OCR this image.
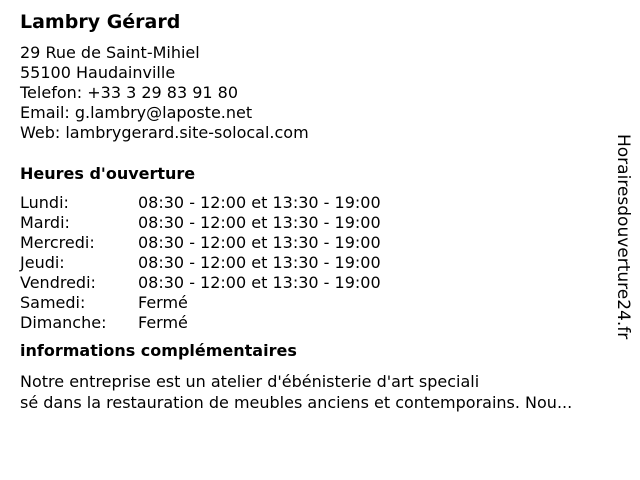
Lambry Gérard
29 Rue de Saint-Mihiel
55100 Haudainville
Telefon: +33 3 29 83 91 80
Email: g.lambry@laposte.net
Web: lambrygerard.site-solocal.com
Heures d'ouverture
Lundi:	08:30 - 12:00 et 13:30 - 19:00
Mardi:	08:30 - 12:00 et 13:30 - 19:00
Mercredi:	08:30 - 12:00 et 13:30 - 19:00
Jeudi:	08:30 - 12:00 et 13:30 - 19:00
Vendredi:	08:30 - 12:00 et 13:30 - 19:00
Samedi:	Fermé
Dimanche:	Fermé
informations complémentaires
Notre entreprise est un atelier d'ébénisterie d'art speciali
sé dans la restauration de meubles anciens et contemporains. Nou...
Horairesdouverture24.fr
